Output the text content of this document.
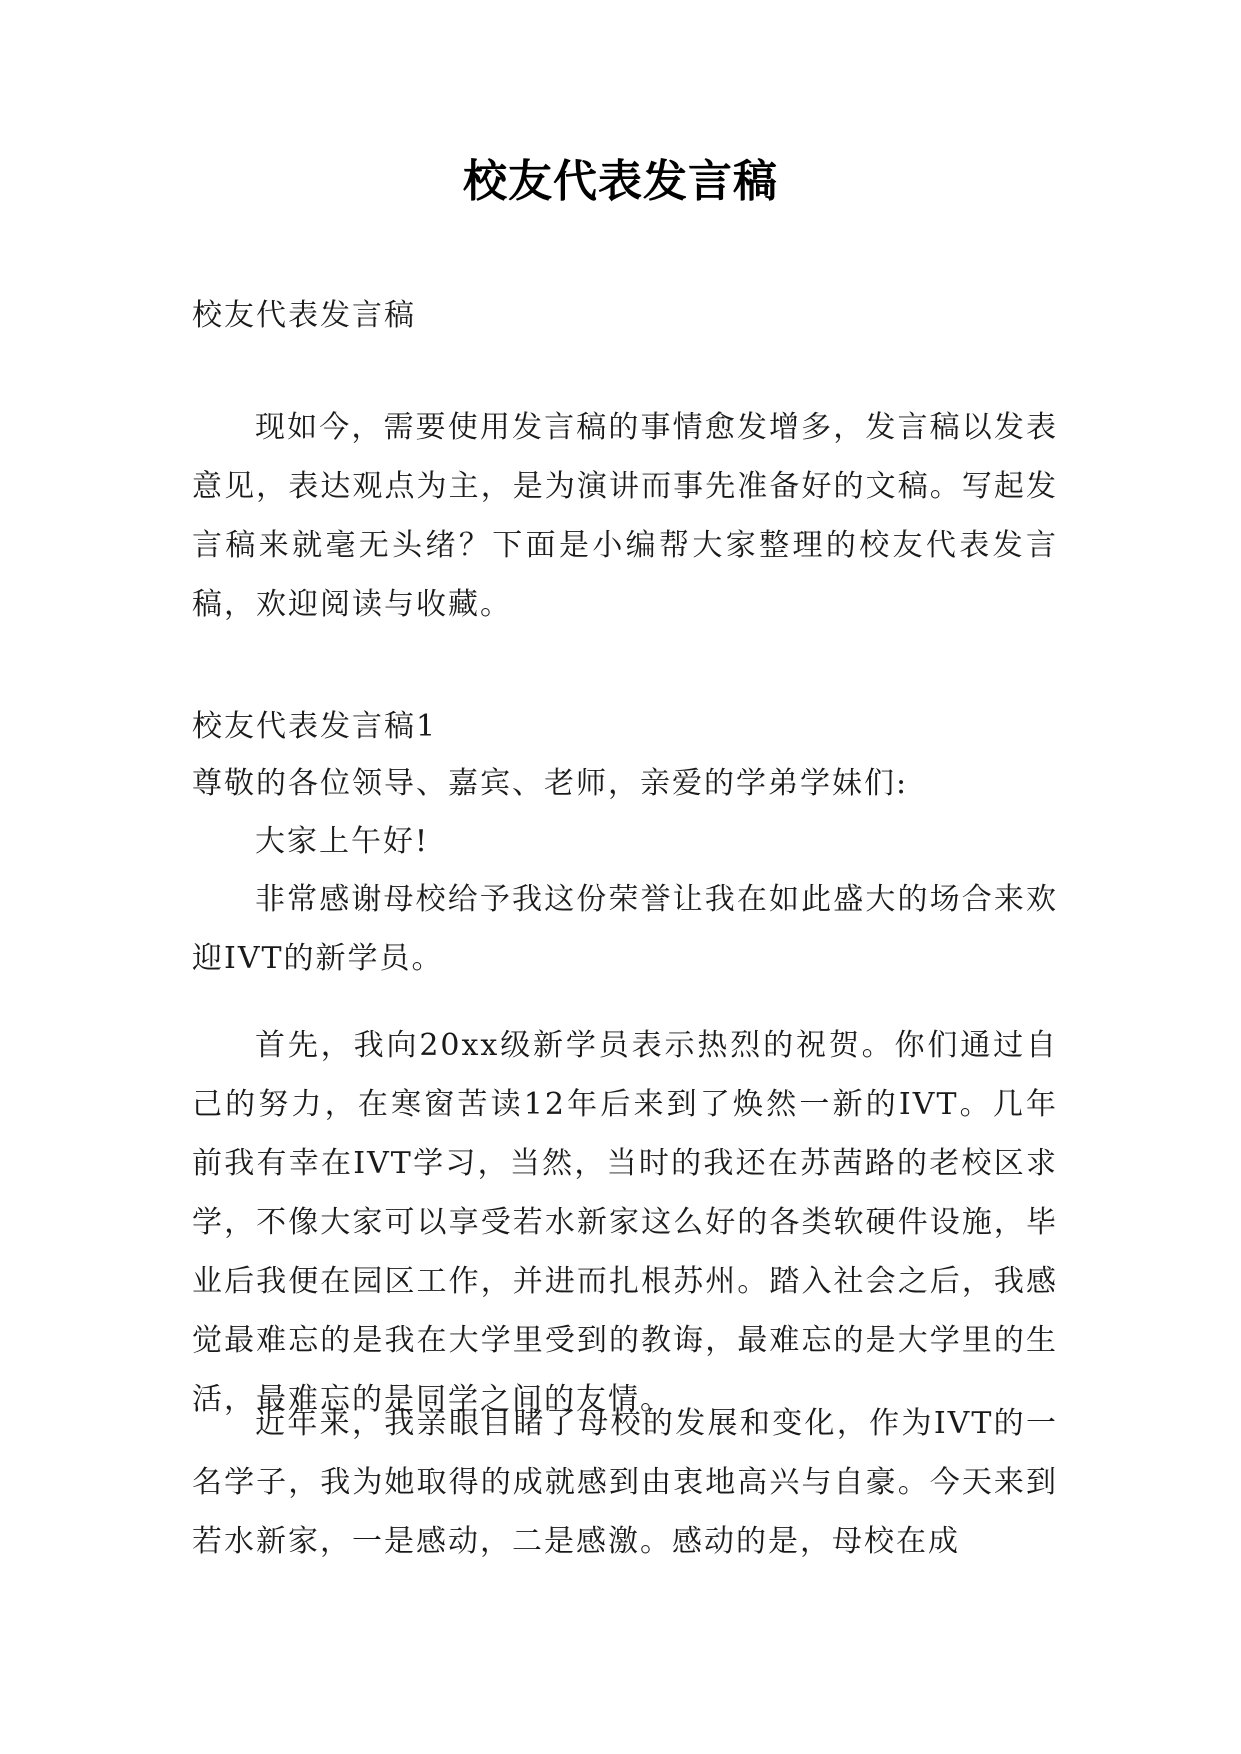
校友代表发言稿

校友代表发言稿

现如今，需要使用发言稿的事情愈发增多，发言稿以发表意见，表达观点为主，是为演讲而事先准备好的文稿。写起发言稿来就毫无头绪？下面是小编帮大家整理的校友代表发言稿，欢迎阅读与收藏。

校友代表发言稿1

尊敬的各位领导、嘉宾、老师，亲爱的学弟学妹们:

大家上午好!

非常感谢母校给予我这份荣誉让我在如此盛大的场合来欢迎IVT的新学员。

首先，我向20xx级新学员表示热烈的祝贺。你们通过自己的努力，在寒窗苦读12年后来到了焕然一新的IVT。几年前我有幸在IVT学习，当然，当时的我还在苏茜路的老校区求学，不像大家可以享受若水新家这么好的各类软硬件设施，毕业后我便在园区工作，并进而扎根苏州。踏入社会之后，我感觉最难忘的是我在大学里受到的教诲，最难忘的是大学里的生活，最难忘的是同学之间的友情。

近年来，我亲眼目睹了母校的发展和变化，作为IVT的一名学子，我为她取得的成就感到由衷地高兴与自豪。今天来到若水新家，一是感动，二是感激。感动的是，母校在成
